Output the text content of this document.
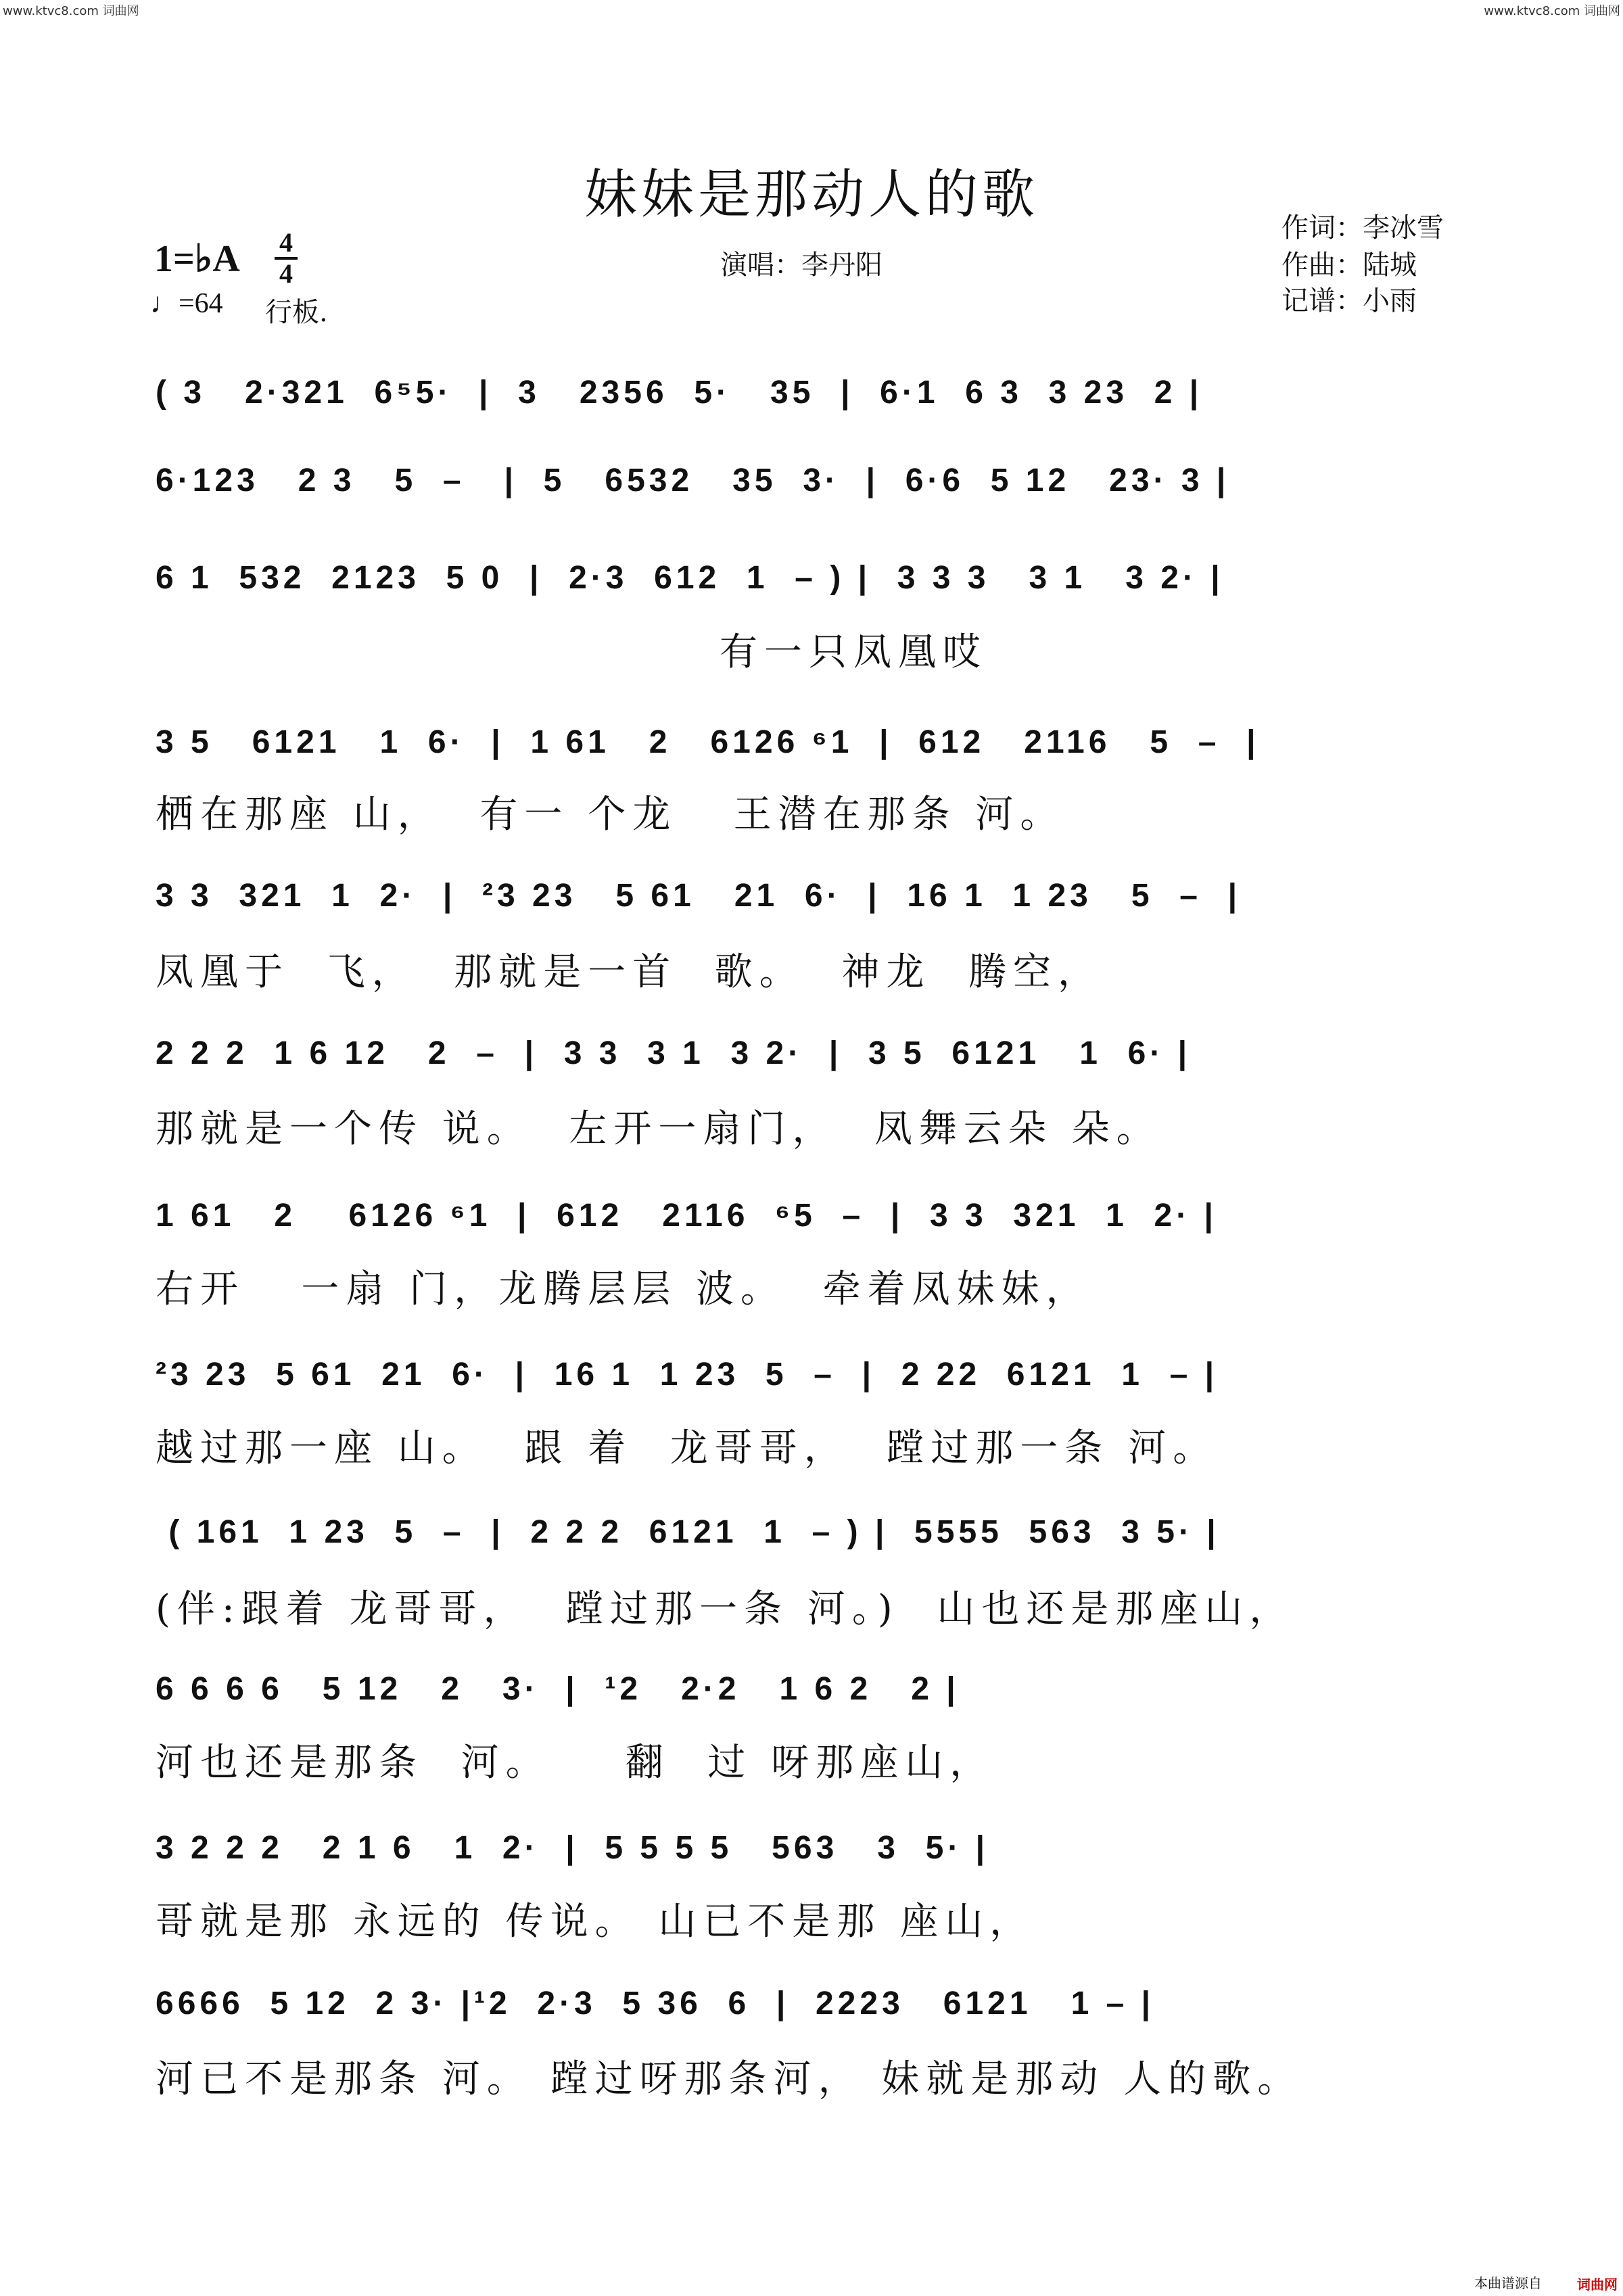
www.ktvc8.com 词曲网	www.ktvc8.com 词曲网
妹妹是那动人的歌
1=♭A 4
4
♩=64 行板.
演唱：李丹阳
作词：李冰雪
作曲：陆城
记谱：小雨
( 3   2·321  6⁵5·  |  3   2356  5·   35  |  6·1  6 3  3 23  2 |
6·123   2 3   5  –   |  5   6532   35  3·  |  6·6  5 12   23· 3 |
6 1  532  2123  5 0  |  2·3  612  1  – ) |  3 3 3   3 1   3 2· |
有一只凤凰哎
3 5   6121   1  6·  |  1 61   2   6126 ⁶1  |  612   2116   5  –  |
栖在那座 山，  有一 个龙   王潜在那条 河。
3 3  321  1  2·  |  ²3 23   5 61   21  6·  |  16 1  1 23   5  –  |
凤凰于  飞，  那就是一首  歌。  神龙  腾空，
2 2 2  1 6 12   2  –  |  3 3  3 1  3 2·  |  3 5  6121   1  6· |
那就是一个传 说。  左开一扇门，  凤舞云朵 朵。
1 61   2    6126 ⁶1  |  612   2116  ⁶5  –  |  3 3  321  1  2· |
右开   一扇 门，龙腾层层 波。  牵着凤妹妹，
²3 23  5 61  21  6·  |  16 1  1 23  5  –  |  2 22  6121  1  – |
越过那一座 山。  跟 着  龙哥哥，  蹚过那一条 河。
( 161  1 23  5  –  |  2 2 2  6121  1  – ) |  5555  563  3 5· |
(伴:跟着 龙哥哥，  蹚过那一条 河。)  山也还是那座山，
6 6 6 6   5 12   2   3·  |  ¹2   2·2   1 6 2   2 |
河也还是那条  河。    翻  过 呀那座山，
3 2 2 2   2 1 6   1  2·  |  5 5 5 5   563   3  5· |
哥就是那 永远的 传说。 山已不是那 座山，
6666  5 12  2 3· |¹2  2·3  5 36  6  |  2223   6121   1 – |
河已不是那条 河。 蹚过呀那条河， 妹就是那动 人的歌。
本曲谱源自	词曲网
